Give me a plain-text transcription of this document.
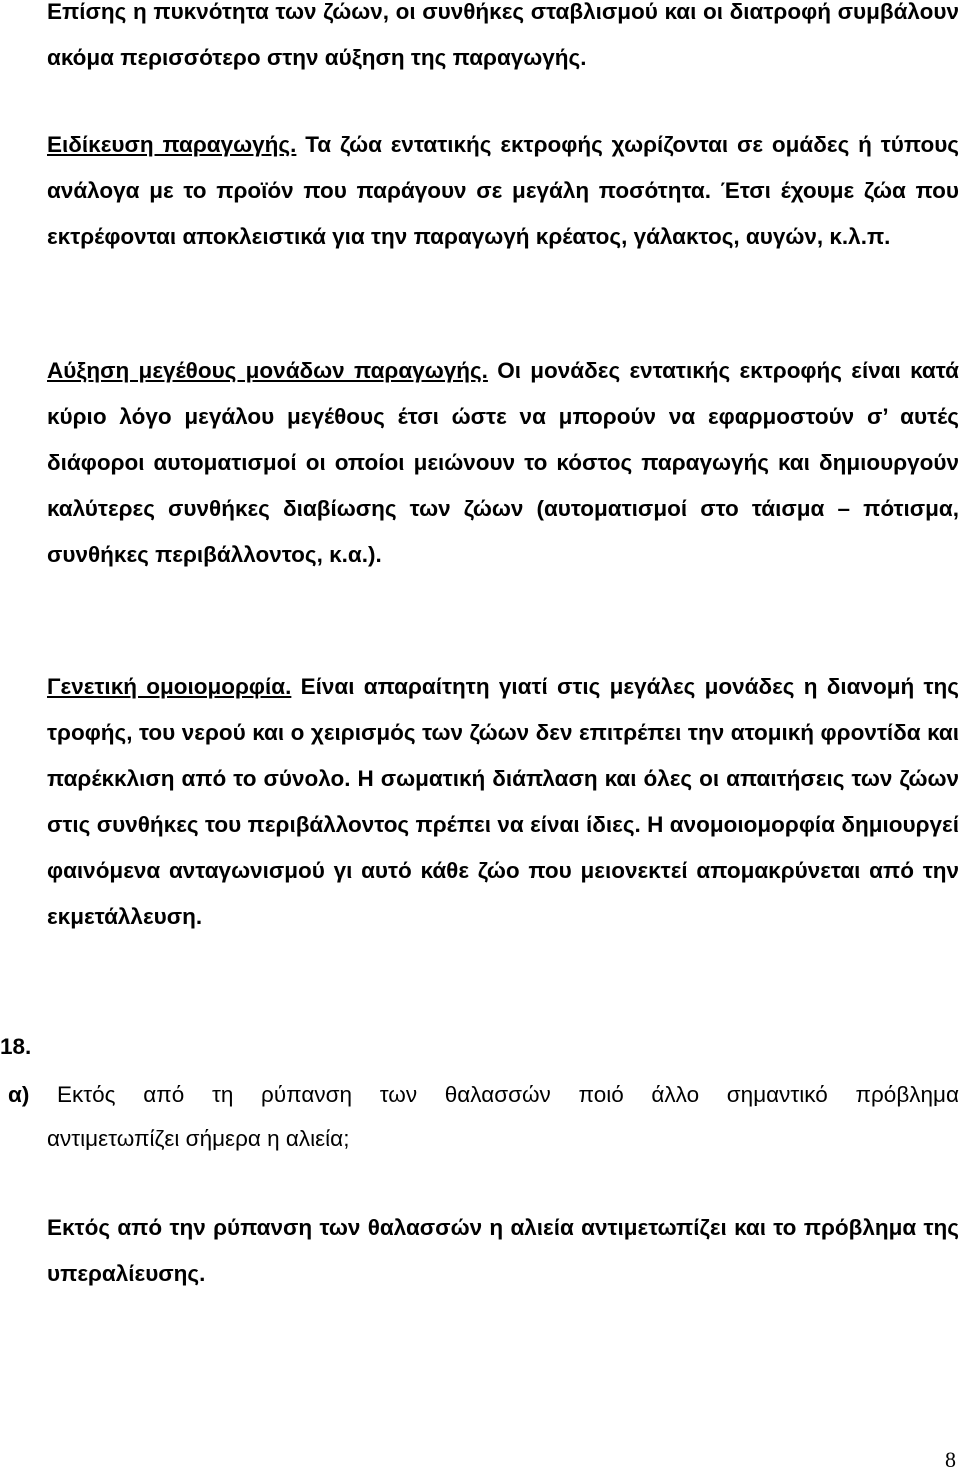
Επίσης η πυκνότητα των ζώων, οι συνθήκες σταβλισμού και οι διατροφή συμβάλουν ακόμα περισσότερο στην αύξηση της παραγωγής.

Ειδίκευση παραγωγής. Τα ζώα εντατικής εκτροφής χωρίζονται σε ομάδες ή τύπους ανάλογα με το προϊόν που παράγουν σε μεγάλη ποσότητα. Έτσι έχουμε ζώα που εκτρέφονται αποκλειστικά για την παραγωγή κρέατος, γάλακτος, αυγών, κ.λ.π.

Αύξηση μεγέθους μονάδων παραγωγής. Οι μονάδες εντατικής εκτροφής είναι κατά κύριο λόγο μεγάλου μεγέθους έτσι ώστε να μπορούν να εφαρμοστούν σ’ αυτές διάφοροι αυτοματισμοί οι οποίοι μειώνουν το κόστος παραγωγής και δημιουργούν καλύτερες συνθήκες διαβίωσης των ζώων (αυτοματισμοί στο τάισμα – πότισμα, συνθήκες περιβάλλοντος, κ.α.).

Γενετική ομοιομορφία. Είναι απαραίτητη γιατί στις μεγάλες μονάδες η διανομή της τροφής, του νερού και ο χειρισμός των ζώων δεν επιτρέπει την ατομική φροντίδα και παρέκκλιση από το σύνολο. Η σωματική διάπλαση και όλες οι απαιτήσεις των ζώων στις συνθήκες του περιβάλλοντος πρέπει να είναι ίδιες. Η ανομοιομορφία δημιουργεί φαινόμενα ανταγωνισμού γι αυτό κάθε ζώο που μειονεκτεί απομακρύνεται από την εκμετάλλευση.

18.

α) Εκτός από τη ρύπανση των θαλασσών ποιό άλλο σημαντικό πρόβλημα
αντιμετωπίζει σήμερα η αλιεία;

Εκτός από την ρύπανση των θαλασσών η αλιεία αντιμετωπίζει και το πρόβλημα της υπεραλίευσης.

8
